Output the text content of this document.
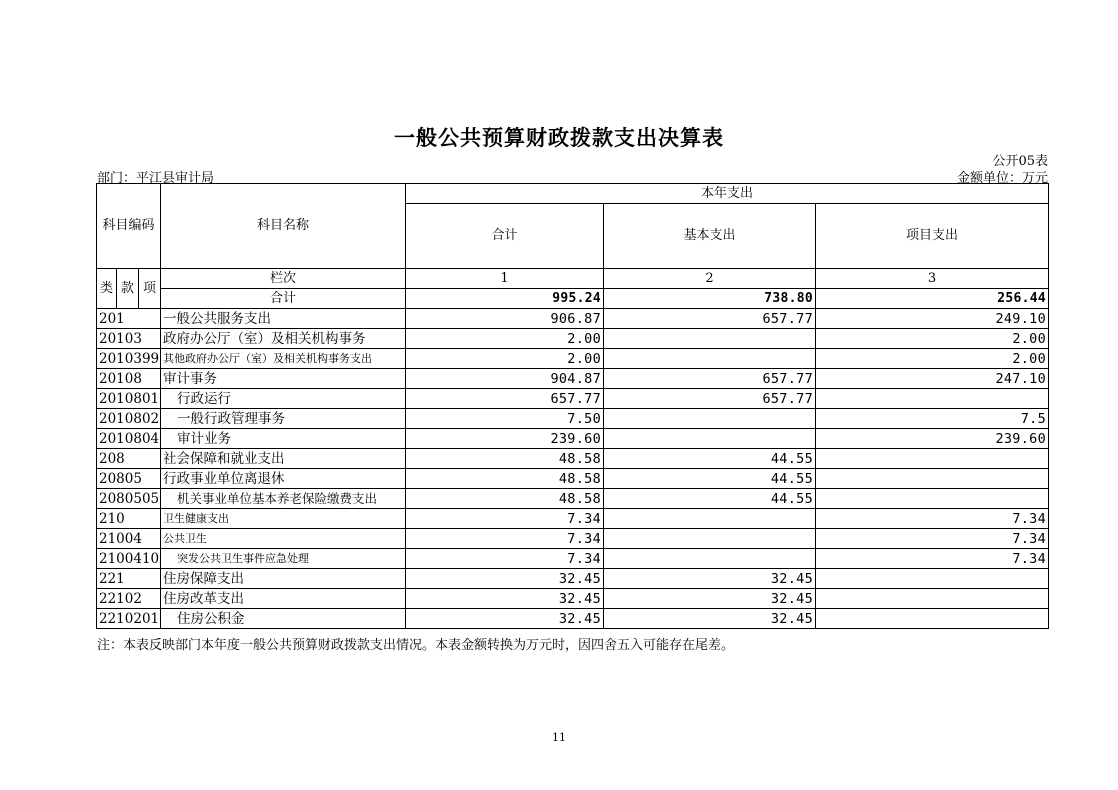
一般公共预算财政拨款支出决算表
公开05表
部门：平江县审计局	金额单位：万元
科目编码			科目名称	本年支出		
				合计	基本支出	项目支出
类	款	项	栏次	1	2	3
			合计	995.24	738.80	256.44
201			一般公共服务支出	906.87	657.77	249.10
20103			政府办公厅（室）及相关机构事务	2.00		2.00
2010399			其他政府办公厅（室）及相关机构事务支出	2.00		2.00
20108			审计事务	904.87	657.77	247.10
2010801			行政运行	657.77	657.77	
2010802			一般行政管理事务	7.50		7.5
2010804			审计业务	239.60		239.60
208			社会保障和就业支出	48.58	44.55	
20805			行政事业单位离退休	48.58	44.55	
2080505			机关事业单位基本养老保险缴费支出	48.58	44.55	
210			卫生健康支出	7.34		7.34
21004			公共卫生	7.34		7.34
2100410			突发公共卫生事件应急处理	7.34		7.34
221			住房保障支出	32.45	32.45	
22102			住房改革支出	32.45	32.45	
2210201			住房公积金	32.45	32.45	
注：本表反映部门本年度一般公共预算财政拨款支出情况。本表金额转换为万元时，因四舍五入可能存在尾差。
11
